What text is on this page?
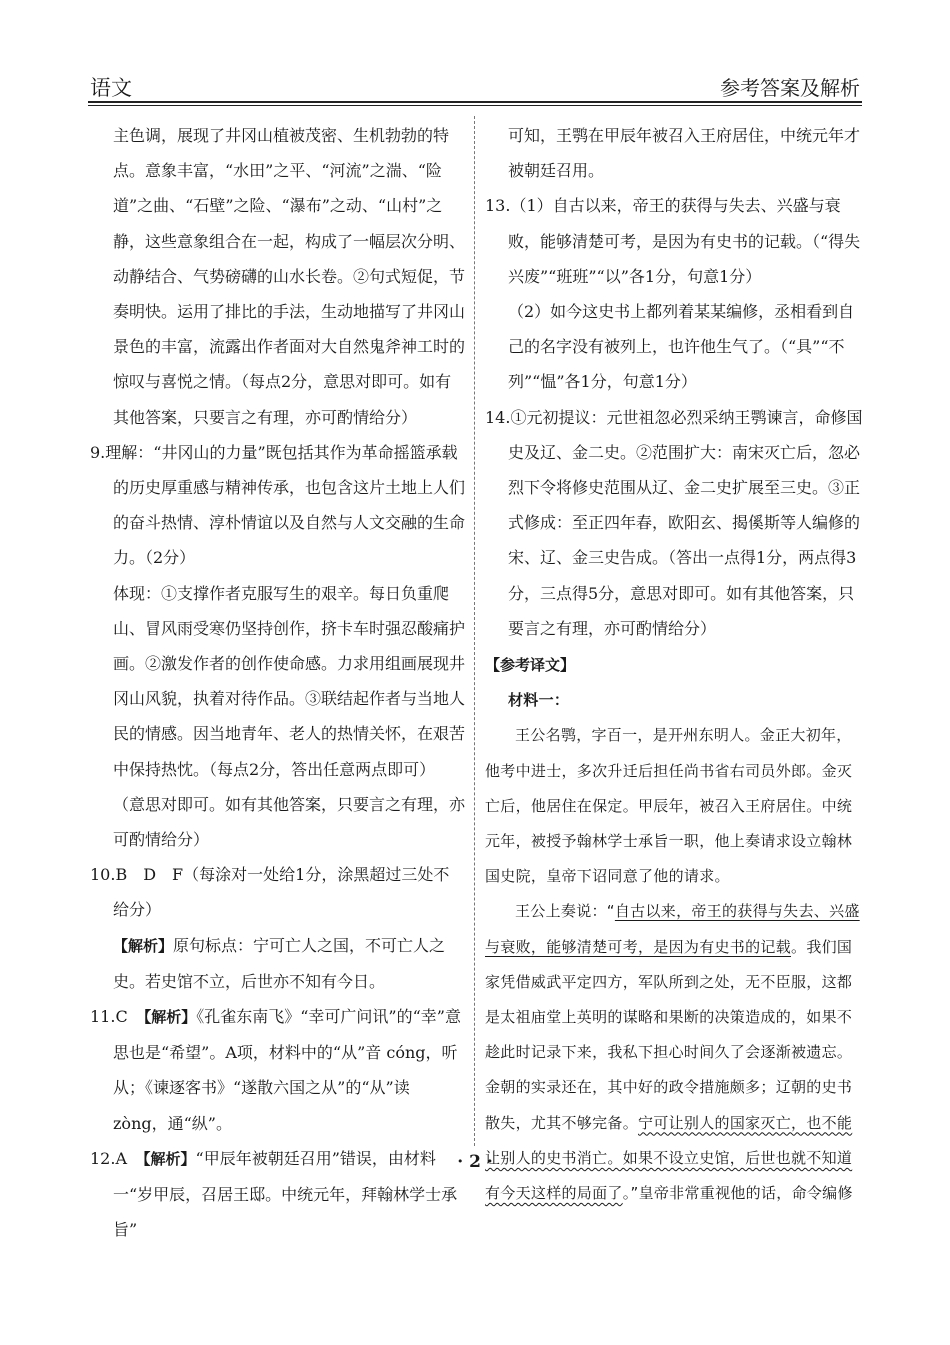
语文	参考答案及解析

主色调，展现了井冈山植被茂密、生机勃勃的特点。意象丰富，“水田”之平、“河流”之湍、“险道”之曲、“石壁”之险、“瀑布”之动、“山村”之静，这些意象组合在一起，构成了一幅层次分明、动静结合、气势磅礴的山水长卷。②句式短促，节奏明快。运用了排比的手法，生动地描写了井冈山景色的丰富，流露出作者面对大自然鬼斧神工时的惊叹与喜悦之情。（每点2分，意思对即可。如有其他答案，只要言之有理，亦可酌情给分）

9.理解：“井冈山的力量”既包括其作为革命摇篮承载的历史厚重感与精神传承，也包含这片土地上人们的奋斗热情、淳朴情谊以及自然与人文交融的生命力。（2分）

体现：①支撑作者克服写生的艰辛。每日负重爬山、冒风雨受寒仍坚持创作，挤卡车时强忍酸痛护画。②激发作者的创作使命感。力求用组画展现井冈山风貌，执着对待作品。③联结起作者与当地人民的情感。因当地青年、老人的热情关怀，在艰苦中保持热忱。（每点2分，答出任意两点即可）

（意思对即可。如有其他答案，只要言之有理，亦可酌情给分）

10.B　D　F（每涂对一处给1分，涂黑超过三处不给分）

【解析】原句标点：宁可亡人之国，不可亡人之史。若史馆不立，后世亦不知有今日。

11.C　【解析】《孔雀东南飞》“幸可广问讯”的“幸”意思也是“希望”。A项，材料中的“从”音 cóng，听从；《谏逐客书》“遂散六国之从”的“从”读 zòng，通“纵”。

12.A　【解析】“甲辰年被朝廷召用”错误，由材料一“岁甲辰，召居王邸。中统元年，拜翰林学士承旨”

可知，王鹗在甲辰年被召入王府居住，中统元年才被朝廷召用。

13.（1）自古以来，帝王的获得与失去、兴盛与衰败，能够清楚可考，是因为有史书的记载。（“得失兴废”“班班”“以”各1分，句意1分）

（2）如今这史书上都列着某某编修，丞相看到自己的名字没有被列上，也许他生气了。（“具”“不列”“愠”各1分，句意1分）

14.①元初提议：元世祖忽必烈采纳王鹗谏言，命修国史及辽、金二史。②范围扩大：南宋灭亡后，忽必烈下令将修史范围从辽、金二史扩展至三史。③正式修成：至正四年春，欧阳玄、揭傒斯等人编修的宋、辽、金三史告成。（答出一点得1分，两点得3分，三点得5分，意思对即可。如有其他答案，只要言之有理，亦可酌情给分）

【参考译文】

材料一：

王公名鹗，字百一，是开州东明人。金正大初年，他考中进士，多次升迁后担任尚书省右司员外郎。金灭亡后，他居住在保定。甲辰年，被召入王府居住。中统元年，被授予翰林学士承旨一职，他上奏请求设立翰林国史院，皇帝下诏同意了他的请求。

王公上奏说：“自古以来，帝王的获得与失去、兴盛与衰败，能够清楚可考，是因为有史书的记载。我们国家凭借威武平定四方，军队所到之处，无不臣服，这都是太祖庙堂上英明的谋略和果断的决策造成的，如果不趁此时记录下来，我私下担心时间久了会逐渐被遗忘。金朝的实录还在，其中好的政令措施颇多；辽朝的史书散失，尤其不够完备。宁可让别人的国家灭亡，也不能让别人的史书消亡。如果不设立史馆，后世也就不知道有今天这样的局面了。”皇帝非常重视他的话，命令编修

· 2 ·
